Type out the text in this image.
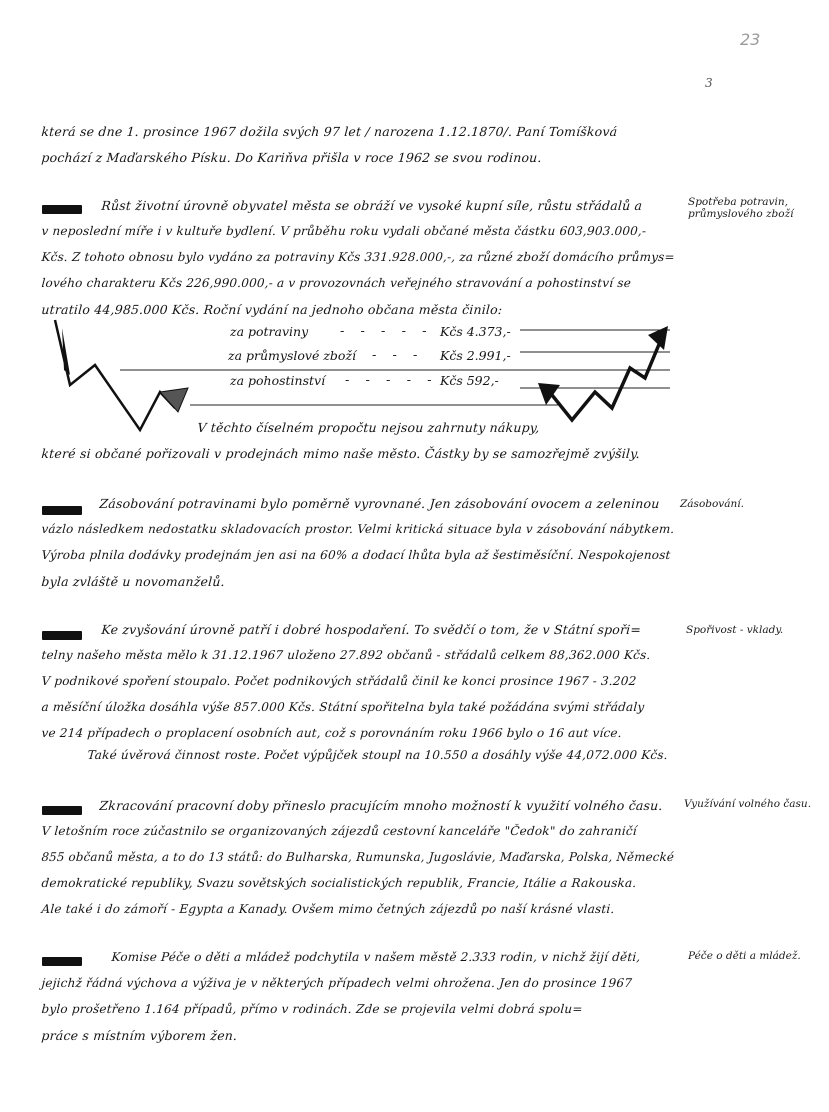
23
3
která se dne 1. prosince 1967 dožila svých 97 let / narozena 1.12.1870/. Paní Tomíšková
pochází z Maďarského Písku. Do Kariňva přišla v roce 1962 se svou rodinou.
Spotřeba potravin, průmyslového zboží
Růst životní úrovně obyvatel města se obráží ve vysoké kupní síle, růstu střádalů a
v neposlední míře i v kultuře bydlení. V průběhu roku vydali občané města částku 603,903.000,-
Kčs. Z tohoto obnosu bylo vydáno za potraviny Kčs 331.928.000,-, za různé zboží domácího průmys=
lového charakteru Kčs 226,990.000,- a v provozovnách veřejného stravování a pohostinství se
utratilo 44,985.000 Kčs. Roční vydání na jednoho občana města činilo:
za potraviny - - - - - Kčs 4.373,-
za průmyslové zboží - - - Kčs 2.991,-
za pohostinství - - - - - Kčs 592,-
V těchto číselném propočtu nejsou zahrnuty nákupy,
které si občané pořizovali v prodejnách mimo naše město. Částky by se samozřejmě zvýšily.
Zásobování.
Zásobování potravinami bylo poměrně vyrovnané. Jen zásobování ovocem a zeleninou
vázlo následkem nedostatku skladovacích prostor. Velmi kritická situace byla v zásobování nábytkem.
Výroba plnila dodávky prodejnám jen asi na 60% a dodací lhůta byla až šestiměsíční. Nespokojenost
byla zvláště u novomanželů.
Spořivost - vklady.
Ke zvyšování úrovně patří i dobré hospodaření. To svědčí o tom, že v Státní spoři=
telny našeho města mělo k 31.12.1967 uloženo 27.892 občanů - střádalů celkem 88,362.000 Kčs.
V podnikové spoření stoupalo. Počet podnikových střádalů činil ke konci prosince 1967 - 3.202
a měsíční úložka dosáhla výše 857.000 Kčs. Státní spořitelna byla také požádána svými střádaly
ve 214 případech o proplacení osobních aut, což s porovnáním roku 1966 bylo o 16 aut více.
Také úvěrová činnost roste. Počet výpůjček stoupl na 10.550 a dosáhly výše 44,072.000 Kčs.
Využívání volného času.
Zkracování pracovní doby přineslo pracujícím mnoho možností k využití volného času.
V letošním roce zúčastnilo se organizovaných zájezdů cestovní kanceláře "Čedok" do zahraničí
855 občanů města, a to do 13 států: do Bulharska, Rumunska, Jugoslávie, Maďarska, Polska, Německé
demokratické republiky, Svazu sovětských socialistických republik, Francie, Itálie a Rakouska.
Ale také i do zámoří - Egypta a Kanady. Ovšem mimo četných zájezdů po naší krásné vlasti.
Péče o děti a mládež.
Komise Péče o děti a mládež podchytila v našem městě 2.333 rodin, v nichž žijí děti,
jejichž řádná výchova a výživa je v některých případech velmi ohrožena. Jen do prosince 1967
bylo prošetřeno 1.164 případů, přímo v rodinách. Zde se projevila velmi dobrá spolu=
práce s místním výborem žen.
